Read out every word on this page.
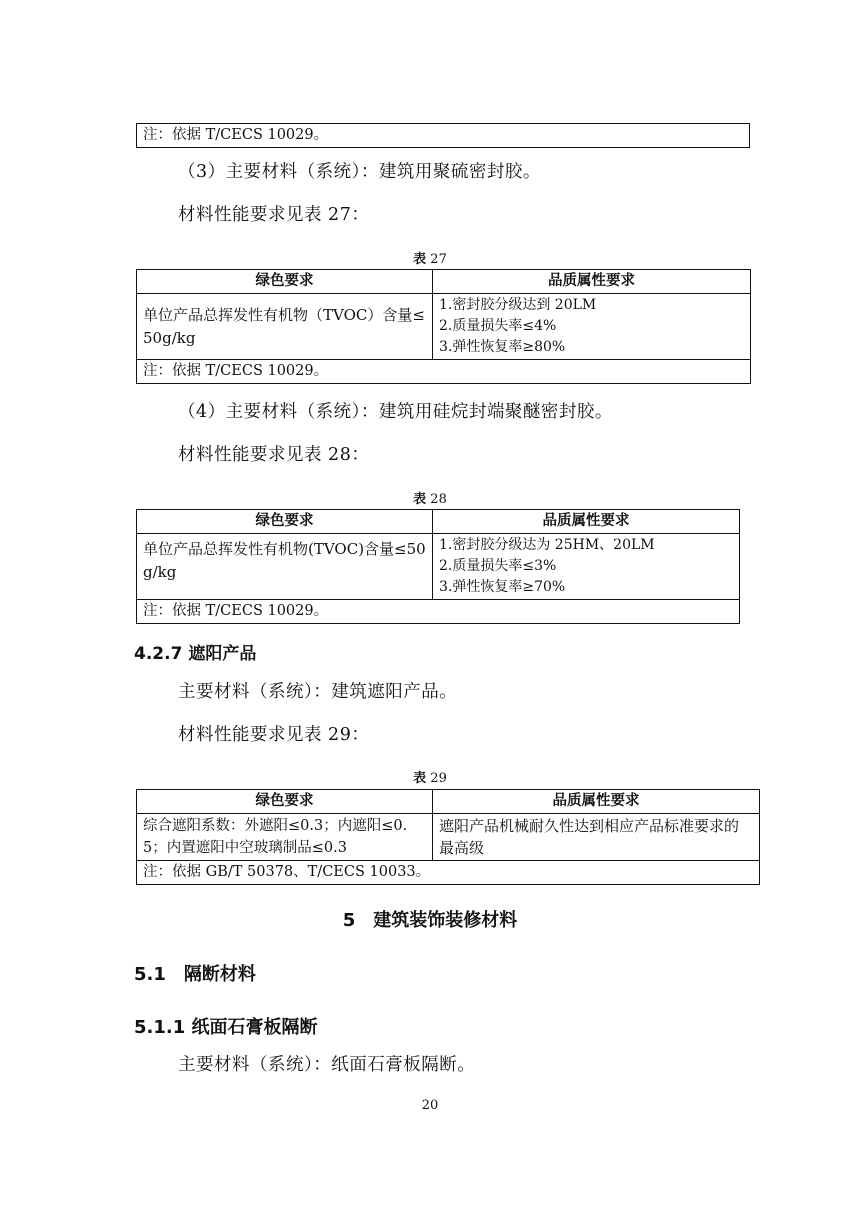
注：依据 T/CECS 10029。
（3）主要材料（系统）：建筑用聚硫密封胶。
材料性能要求见表 27：
表 27
绿色要求	品质属性要求
单位产品总挥发性有机物（TVOC）含量≤50g/kg	1.密封胶分级达到 20LM
2.质量损失率≤4%
3.弹性恢复率≥80%

注：依据 T/CECS 10029。	
（4）主要材料（系统）：建筑用硅烷封端聚醚密封胶。
材料性能要求见表 28：
表 28
绿色要求	品质属性要求
单位产品总挥发性有机物(TVOC)含量≤50g/kg	1.密封胶分级达为 25HM、20LM
2.质量损失率≤3%
3.弹性恢复率≥70%

注：依据 T/CECS 10029。	
4.2.7 遮阳产品
主要材料（系统）：建筑遮阳产品。
材料性能要求见表 29：
表 29
绿色要求	品质属性要求
综合遮阳系数：外遮阳≤0.3；内遮阳≤0.5；内置遮阳中空玻璃制品≤0.3	遮阳产品机械耐久性达到相应产品标准要求的最高级
注：依据 GB/T 50378、T/CECS 10033。	
5　建筑装饰装修材料
5.1　隔断材料
5.1.1 纸面石膏板隔断
主要材料（系统）：纸面石膏板隔断。
20
